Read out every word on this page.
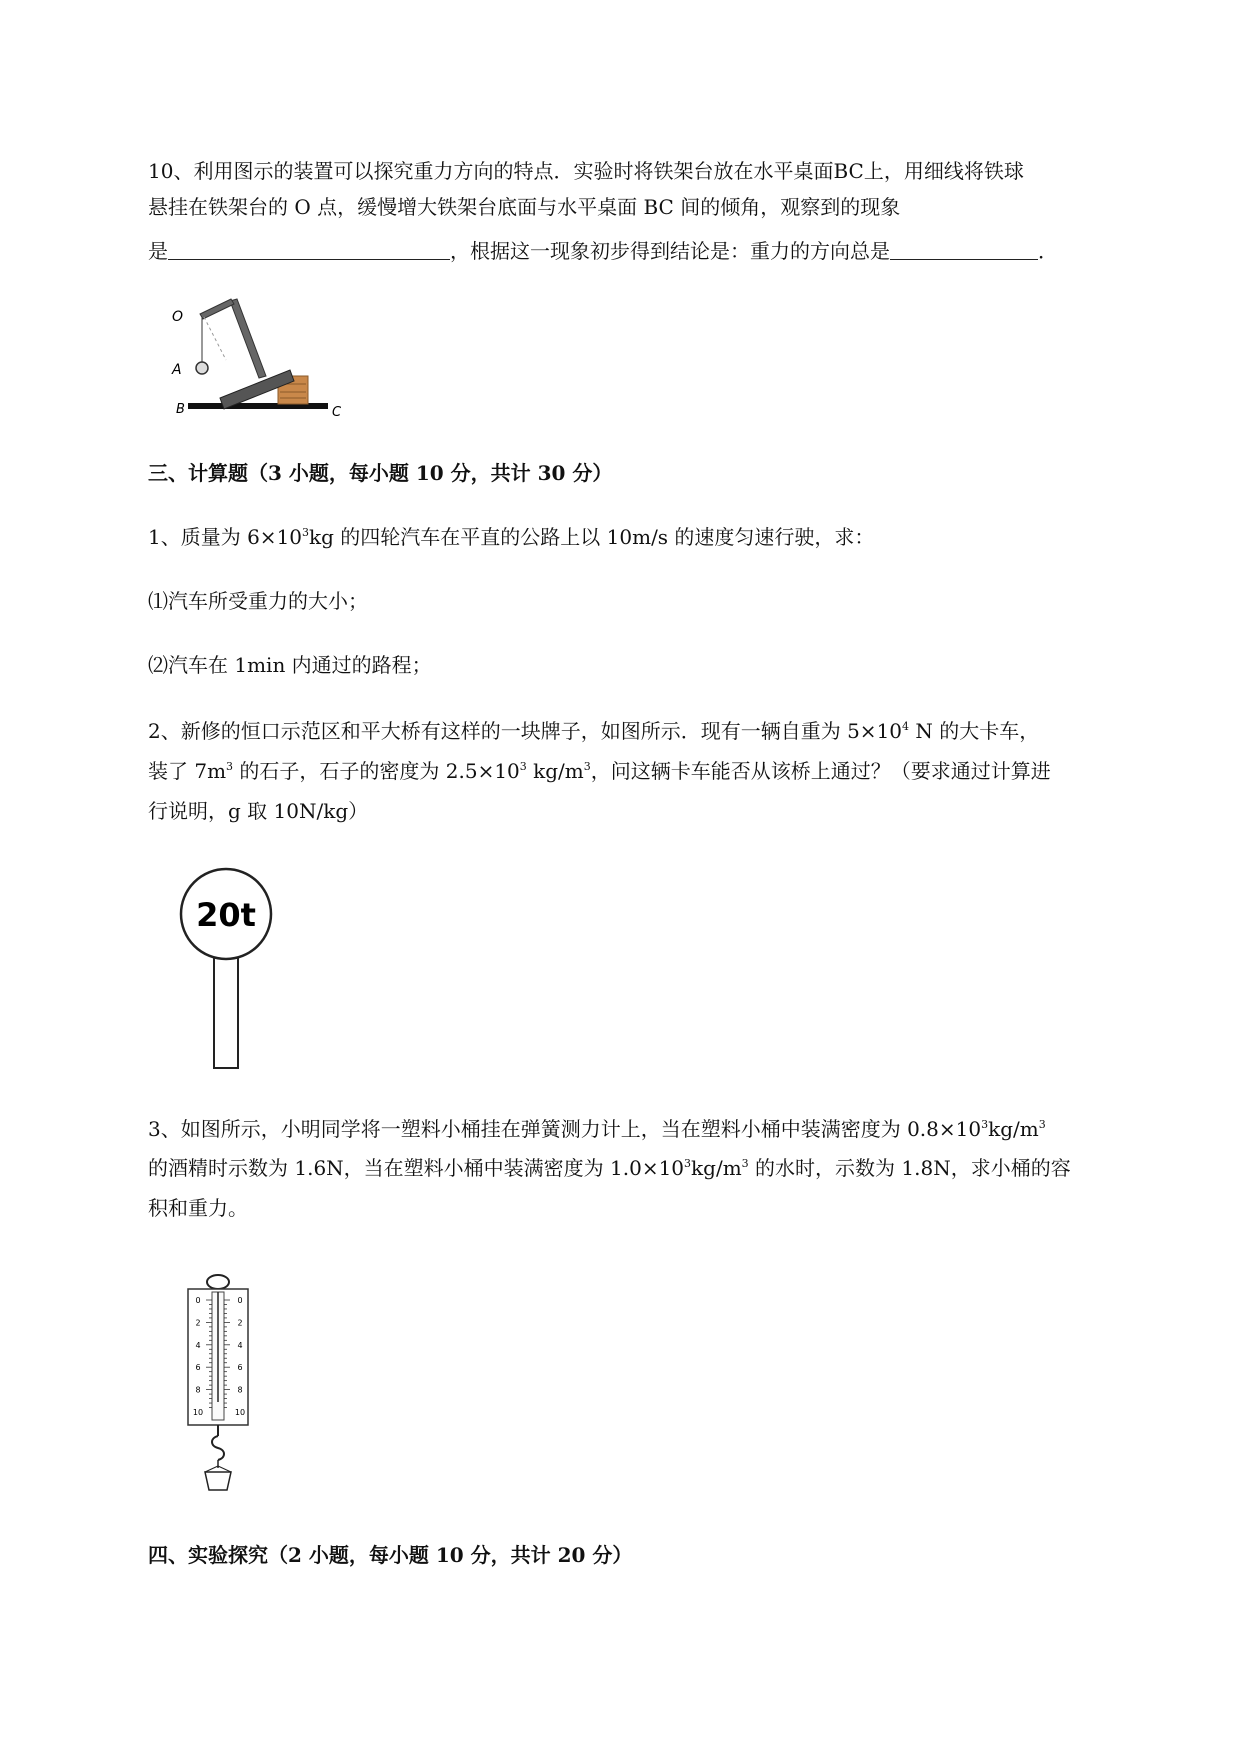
10、利用图示的装置可以探究重力方向的特点．实验时将铁架台放在水平桌面BC上，用细线将铁球
悬挂在铁架台的 O 点，缓慢增大铁架台底面与水平桌面 BC 间的倾角，观察到的现象
是	，根据这一现象初步得到结论是：重力的方向总是	．
O
A
B	C
三、计算题（3 小题，每小题 10 分，共计 30 分）
1、质量为 $6\times 10^3kg$ 的四轮汽车在平直的公路上以 10m/s 的速度匀速行驶，求：
⑴汽车所受重力的大小；
⑵汽车在 1min 内通过的路程；
2、新修的恒口示范区和平大桥有这样的一块牌子，如图所示．现有一辆自重为 $5\times 10^4$ N 的大卡车，
装了 $7m^3$ 的石子，石子的密度为 $2.5\times 10^3$ $kg/m^3$，问这辆卡车能否从该桥上通过？（要求通过计算进
行说明，g 取 10N/kg）
20t
3、如图所示，小明同学将一塑料小桶挂在弹簧测力计上，当在塑料小桶中装满密度为 $0.8\times 10^3kg/m^3$
的酒精时示数为 1.6N，当在塑料小桶中装满密度为 $1.0\times 10^3kg/m^3$ 的水时，示数为 1.8N，求小桶的容
积和重力。
0	0
2	2
4	4
6	6
8	8
10	10
四、实验探究（2 小题，每小题 10 分，共计 20 分）
